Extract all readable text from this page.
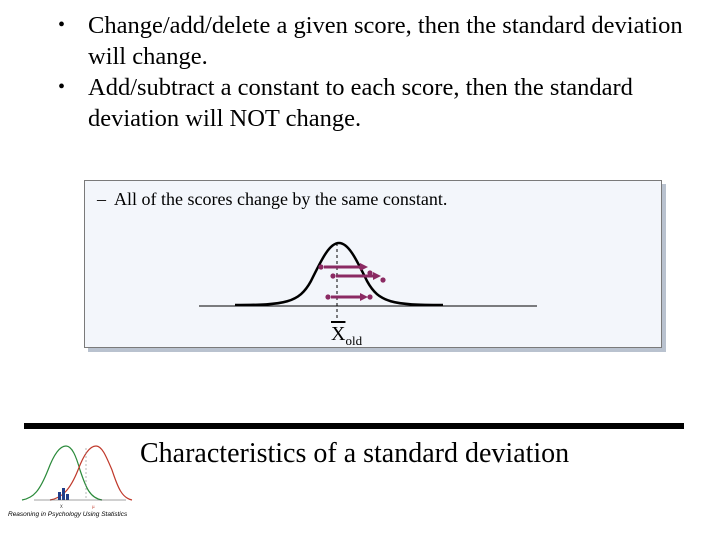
• Change/add/delete a given score, then the standard deviation will change.
• Add/subtract a constant to each score, then the standard deviation will NOT change.
– All of the scores change by the same constant.
$\overline{X}_{old}$
X	μ
Reasoning in Psychology Using Statistics
Characteristics of a standard deviation
